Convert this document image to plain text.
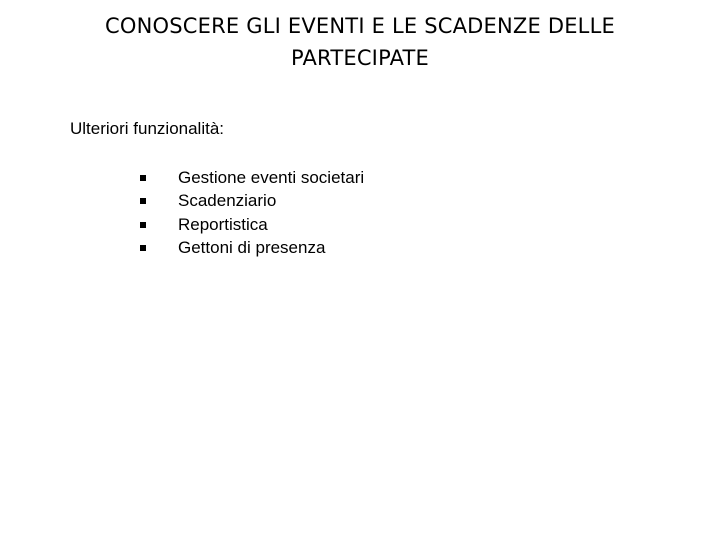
CONOSCERE GLI EVENTI E LE SCADENZE DELLE
PARTECIPATE

Ulteriori funzionalità:

Gestione eventi societari
Scadenziario
Reportistica
Gettoni di presenza
